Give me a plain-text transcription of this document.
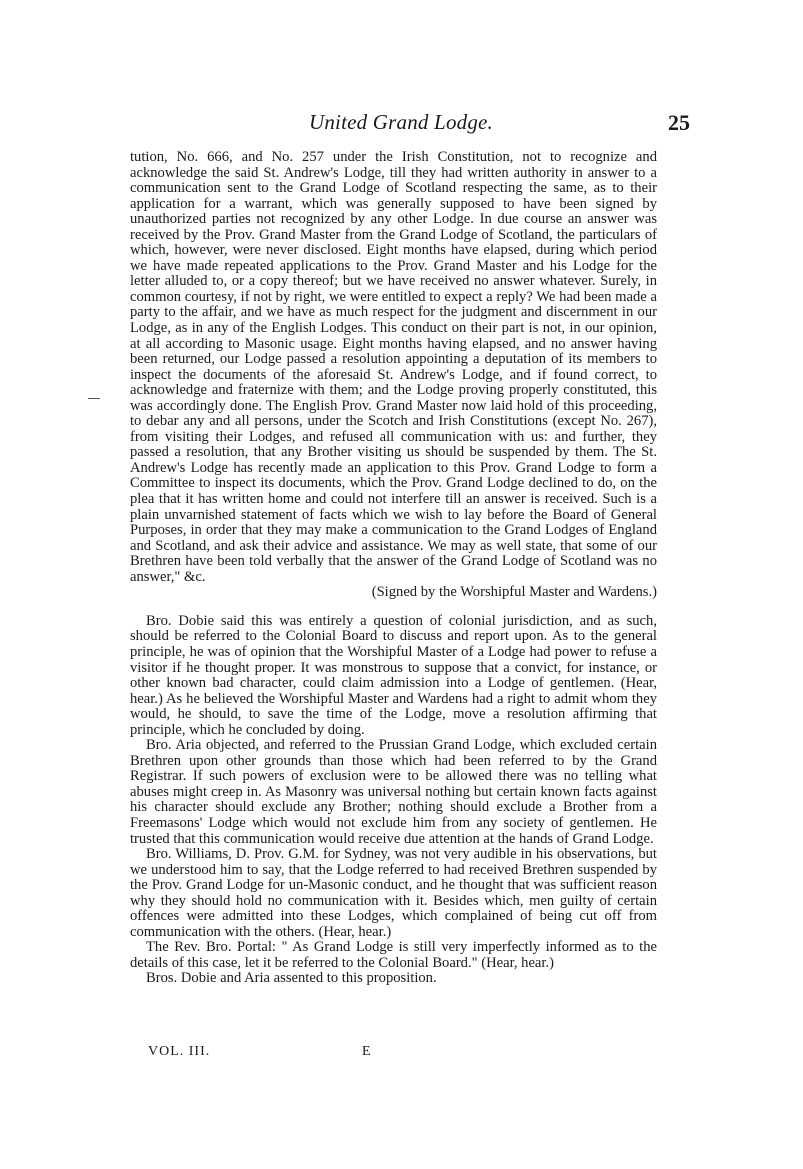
United Grand Lodge.	25

tution, No. 666, and No. 257 under the Irish Constitution, not to recognize and acknowledge the said St. Andrew's Lodge, till they had written authority in answer to a communication sent to the Grand Lodge of Scotland respecting the same, as to their application for a warrant, which was generally supposed to have been signed by unauthorized parties not recognized by any other Lodge. In due course an answer was received by the Prov. Grand Master from the Grand Lodge of Scotland, the particulars of which, however, were never disclosed. Eight months have elapsed, during which period we have made repeated applications to the Prov. Grand Master and his Lodge for the letter alluded to, or a copy thereof; but we have received no answer whatever. Surely, in common courtesy, if not by right, we were entitled to expect a reply? We had been made a party to the affair, and we have as much respect for the judgment and discernment in our Lodge, as in any of the English Lodges. This conduct on their part is not, in our opinion, at all according to Masonic usage. Eight months having elapsed, and no answer having been returned, our Lodge passed a resolution appointing a deputation of its members to inspect the documents of the aforesaid St. Andrew's Lodge, and if found correct, to acknowledge and fraternize with them; and the Lodge proving properly constituted, this was accordingly done. The English Prov. Grand Master now laid hold of this proceeding, to debar any and all persons, under the Scotch and Irish Constitutions (except No. 267), from visiting their Lodges, and refused all communication with us: and further, they passed a resolution, that any Brother visiting us should be suspended by them. The St. Andrew's Lodge has recently made an application to this Prov. Grand Lodge to form a Committee to inspect its documents, which the Prov. Grand Lodge declined to do, on the plea that it has written home and could not interfere till an answer is received. Such is a plain unvarnished statement of facts which we wish to lay before the Board of General Purposes, in order that they may make a communication to the Grand Lodges of England and Scotland, and ask their advice and assistance. We may as well state, that some of our Brethren have been told verbally that the answer of the Grand Lodge of Scotland was no answer," &c.

(Signed by the Worshipful Master and Wardens.)

Bro. Dobie said this was entirely a question of colonial jurisdiction, and as such, should be referred to the Colonial Board to discuss and report upon. As to the general principle, he was of opinion that the Worshipful Master of a Lodge had power to refuse a visitor if he thought proper. It was monstrous to suppose that a convict, for instance, or other known bad character, could claim admission into a Lodge of gentlemen. (Hear, hear.) As he believed the Worshipful Master and Wardens had a right to admit whom they would, he should, to save the time of the Lodge, move a resolution affirming that principle, which he concluded by doing.

Bro. Aria objected, and referred to the Prussian Grand Lodge, which excluded certain Brethren upon other grounds than those which had been referred to by the Grand Registrar. If such powers of exclusion were to be allowed there was no telling what abuses might creep in. As Masonry was universal nothing but certain known facts against his character should exclude any Brother; nothing should exclude a Brother from a Freemasons' Lodge which would not exclude him from any society of gentlemen. He trusted that this communication would receive due attention at the hands of Grand Lodge.

Bro. Williams, D. Prov. G.M. for Sydney, was not very audible in his observations, but we understood him to say, that the Lodge referred to had received Brethren suspended by the Prov. Grand Lodge for un-Masonic conduct, and he thought that was sufficient reason why they should hold no communication with it. Besides which, men guilty of certain offences were admitted into these Lodges, which complained of being cut off from communication with the others. (Hear, hear.)

The Rev. Bro. Portal: " As Grand Lodge is still very imperfectly informed as to the details of this case, let it be referred to the Colonial Board." (Hear, hear.)

Bros. Dobie and Aria assented to this proposition.

VOL. III.	E
